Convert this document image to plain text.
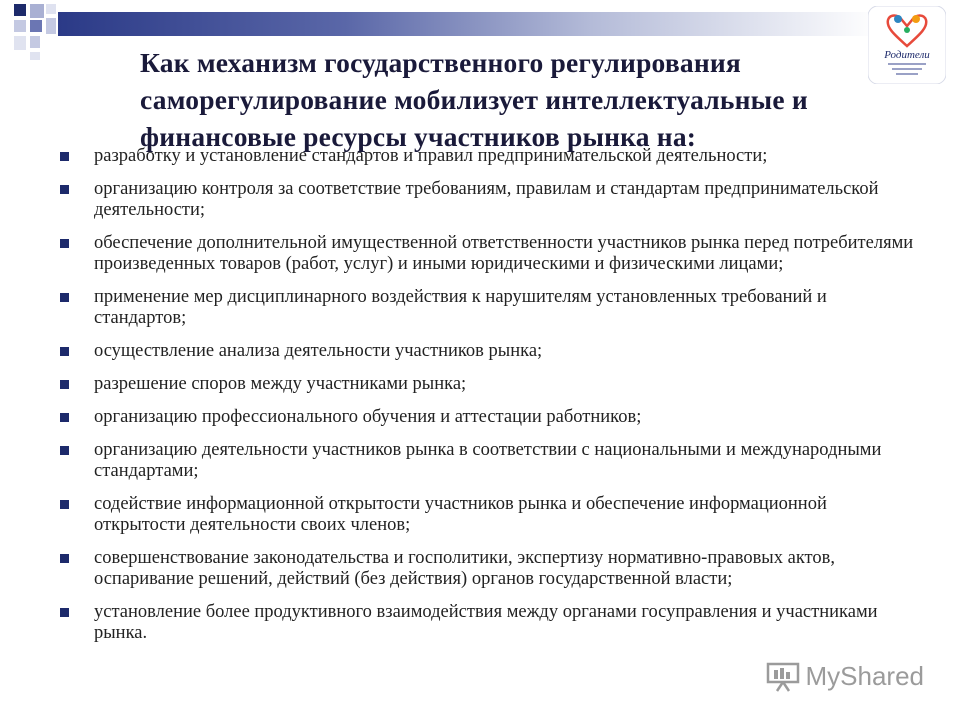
Родители
Как механизм государственного регулирования саморегулирование мобилизует интеллектуальные и финансовые ресурсы участников рынка на:
разработку и установление стандартов и правил предпринимательской деятельности;
организацию контроля за соответствие требованиям, правилам и стандартам предпринимательской деятельности;
обеспечение дополнительной имущественной ответственности участников рынка перед потребителями произведенных товаров (работ, услуг) и иными юридическими и физическими лицами;
применение мер дисциплинарного воздействия к нарушителям установленных требований и стандартов;
осуществление анализа деятельности участников рынка;
разрешение споров между участниками рынка;
организацию профессионального обучения и аттестации работников;
организацию деятельности участников рынка в соответствии с национальными и международными стандартами;
содействие информационной открытости участников рынка и обеспечение информационной открытости деятельности своих членов;
совершенствование законодательства и госполитики, экспертизу нормативно-правовых актов, оспаривание решений, действий (без действия) органов государственной власти;
установление более продуктивного взаимодействия между органами госуправления и участниками рынка.
MyShared
